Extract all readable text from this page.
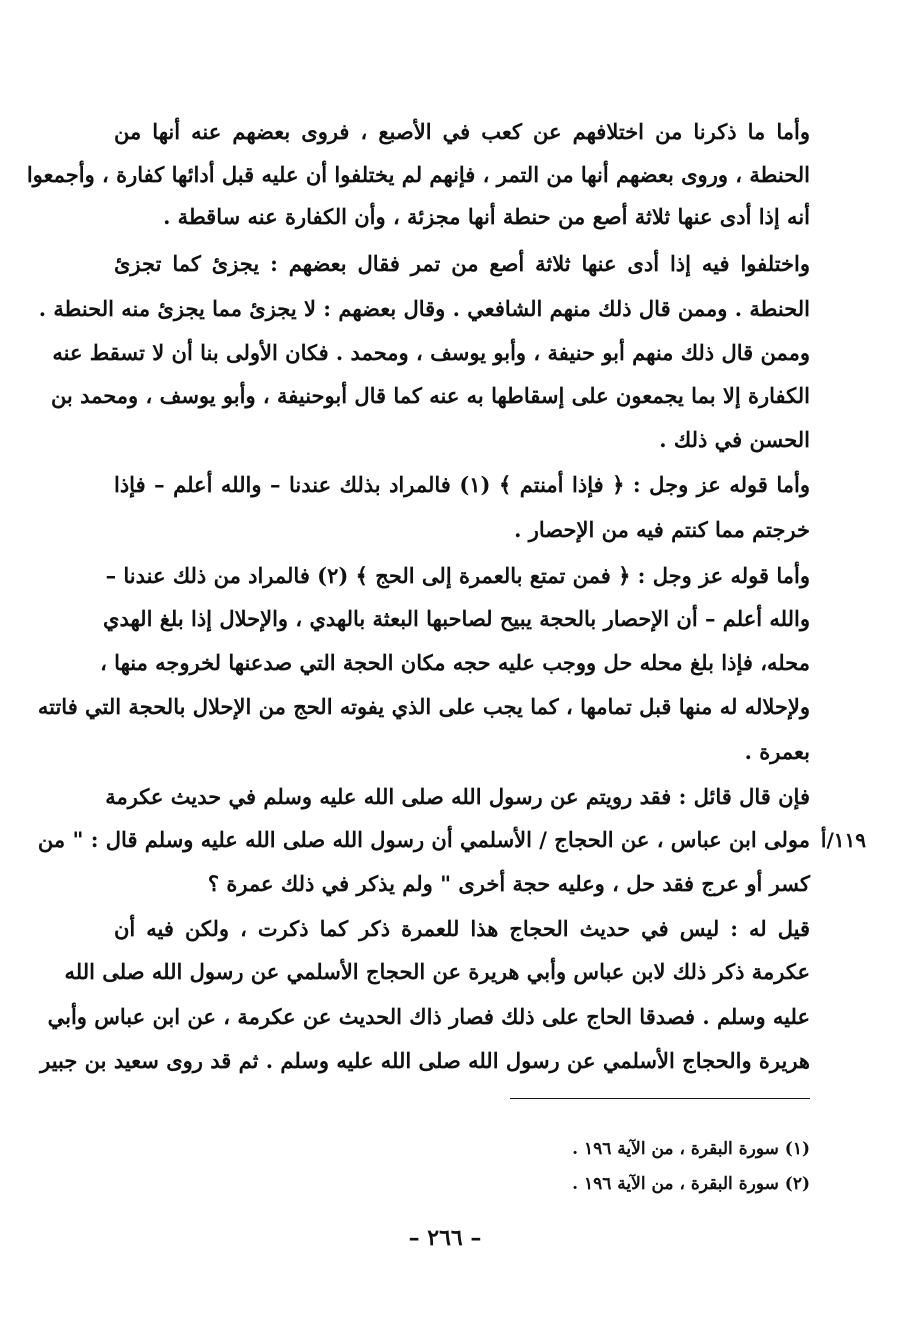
وأما ما ذكرنا من اختلافهم عن كعب في الأصبع ، فروى بعضهم عنه أنها من
الحنطة ، وروى بعضهم أنها من التمر ، فإنهم لم يختلفوا أن عليه قبل أدائها كفارة ، وأجمعوا
أنه إذا أدى عنها ثلاثة أصع من حنطة أنها مجزئة ، وأن الكفارة عنه ساقطة .
واختلفوا فيه إذا أدى عنها ثلاثة أصع من تمر فقال بعضهم : يجزئ كما تجزئ
الحنطة . وممن قال ذلك منهم الشافعي . وقال بعضهم : لا يجزئ مما يجزئ منه الحنطة .
وممن قال ذلك منهم أبو حنيفة ، وأبو يوسف ، ومحمد . فكان الأولى بنا أن لا تسقط عنه
الكفارة إلا بما يجمعون على إسقاطها به عنه كما قال أبوحنيفة ، وأبو يوسف ، ومحمد بن
الحسن في ذلك .
وأما قوله عز وجل : ﴿ فإذا أمنتم ﴾ (١) فالمراد بذلك عندنا – والله أعلم – فإذا
خرجتم مما كنتم فيه من الإحصار .
وأما قوله عز وجل : ﴿ فمن تمتع بالعمرة إلى الحج ﴾ (٢) فالمراد من ذلك عندنا –
والله أعلم – أن الإحصار بالحجة يبيح لصاحبها البعثة بالهدي ، والإحلال إذا بلغ الهدي
محله، فإذا بلغ محله حل ووجب عليه حجه مكان الحجة التي صدعنها لخروجه منها ،
ولإحلاله له منها قبل تمامها ، كما يجب على الذي يفوته الحج من الإحلال بالحجة التي فاتته
بعمرة .
فإن قال قائل : فقد رويتم عن رسول الله صلى الله عليه وسلم في حديث عكرمة
مولى ابن عباس ، عن الحجاج / الأسلمي أن رسول الله صلى الله عليه وسلم قال : " من
كسر أو عرج فقد حل ، وعليه حجة أخرى " ولم يذكر في ذلك عمرة ؟
قيل له : ليس في حديث الحجاج هذا للعمرة ذكر كما ذكرت ، ولكن فيه أن
عكرمة ذكر ذلك لابن عباس وأبي هريرة عن الحجاج الأسلمي عن رسول الله صلى الله
عليه وسلم . فصدقا الحاج على ذلك فصار ذاك الحديث عن عكرمة ، عن ابن عباس وأبي
هريرة والحجاج الأسلمي عن رسول الله صلى الله عليه وسلم . ثم قد روى سعيد بن جبير
١١٩/أ
(١) سورة البقرة ، من الآية ١٩٦ .
(٢) سورة البقرة ، من الآية ١٩٦ .
– ٢٦٦ –
